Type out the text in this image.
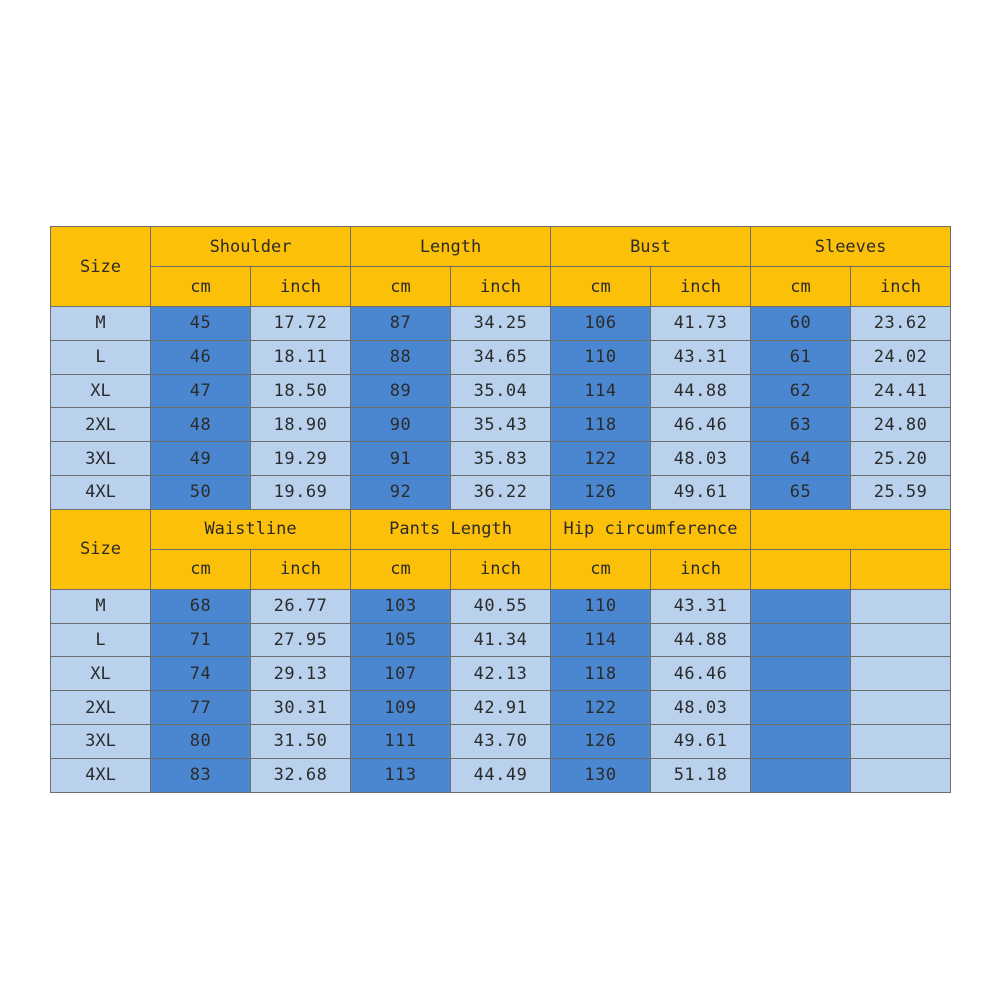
Size	Shoulder		Length		Bust		Sleeves	
	cm	inch	cm	inch	cm	inch	cm	inch
M	45	17.72	87	34.25	106	41.73	60	23.62
L	46	18.11	88	34.65	110	43.31	61	24.02
XL	47	18.50	89	35.04	114	44.88	62	24.41
2XL	48	18.90	90	35.43	118	46.46	63	24.80
3XL	49	19.29	91	35.83	122	48.03	64	25.20
4XL	50	19.69	92	36.22	126	49.61	65	25.59
Size	Waistline		Pants Length		Hip circumference			
	cm	inch	cm	inch	cm	inch		
M	68	26.77	103	40.55	110	43.31		
L	71	27.95	105	41.34	114	44.88		
XL	74	29.13	107	42.13	118	46.46		
2XL	77	30.31	109	42.91	122	48.03		
3XL	80	31.50	111	43.70	126	49.61		
4XL	83	32.68	113	44.49	130	51.18		
